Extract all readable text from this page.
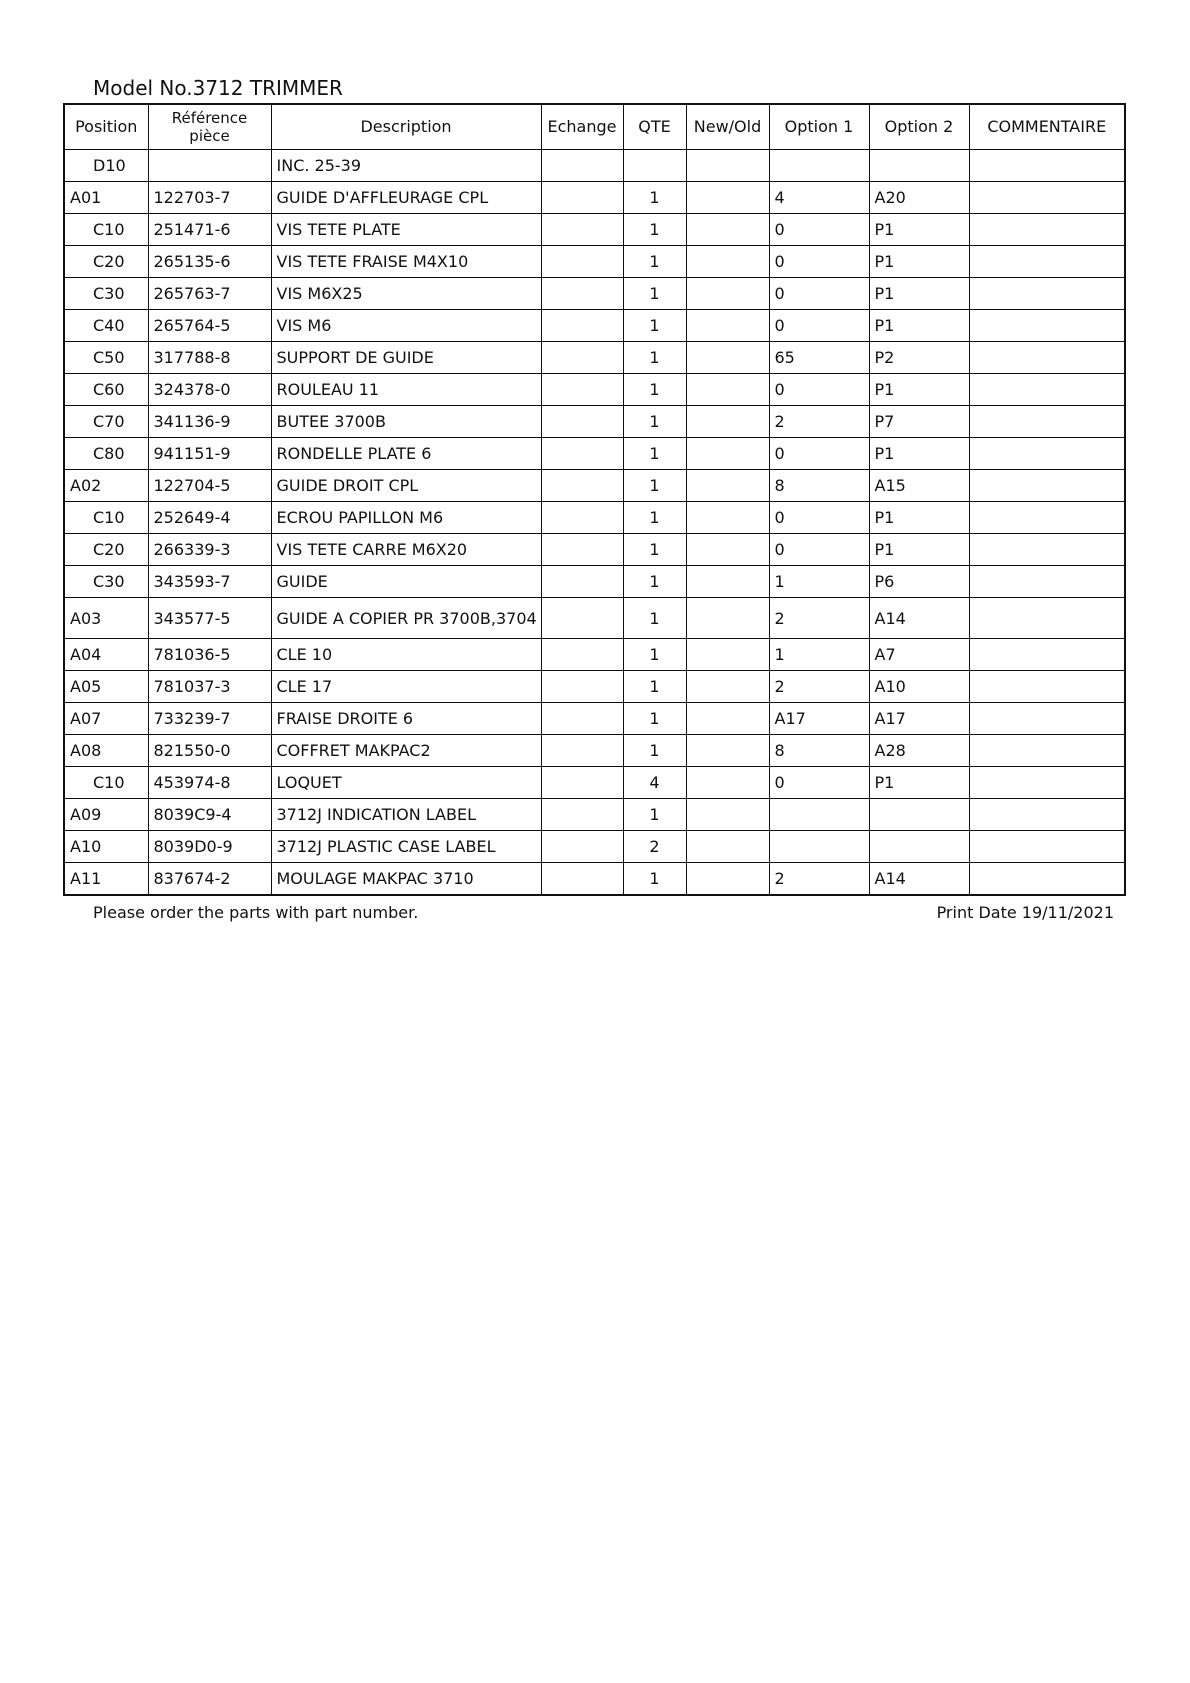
Model No.3712 TRIMMER
Position	Référence pièce	Description	Echange	QTE	New/Old	Option 1	Option 2	COMMENTAIRE
D10		INC. 25-39						
A01	122703-7	GUIDE D'AFFLEURAGE CPL		1		4	A20	
C10	251471-6	VIS TETE PLATE		1		0	P1	
C20	265135-6	VIS TETE FRAISE M4X10		1		0	P1	
C30	265763-7	VIS M6X25		1		0	P1	
C40	265764-5	VIS M6		1		0	P1	
C50	317788-8	SUPPORT DE GUIDE		1		65	P2	
C60	324378-0	ROULEAU 11		1		0	P1	
C70	341136-9	BUTEE 3700B		1		2	P7	
C80	941151-9	RONDELLE PLATE 6		1		0	P1	
A02	122704-5	GUIDE DROIT CPL		1		8	A15	
C10	252649-4	ECROU PAPILLON M6		1		0	P1	
C20	266339-3	VIS TETE CARRE M6X20		1		0	P1	
C30	343593-7	GUIDE		1		1	P6	
A03	343577-5	GUIDE A COPIER PR 3700B,3704		1		2	A14	
A04	781036-5	CLE 10		1		1	A7	
A05	781037-3	CLE 17		1		2	A10	
A07	733239-7	FRAISE DROITE 6		1		A17	A17	
A08	821550-0	COFFRET MAKPAC2		1		8	A28	
C10	453974-8	LOQUET		4		0	P1	
A09	8039C9-4	3712J INDICATION LABEL		1				
A10	8039D0-9	3712J PLASTIC CASE LABEL		2				
A11	837674-2	MOULAGE MAKPAC 3710		1		2	A14	
Please order the parts with part number.	Print Date 19/11/2021
